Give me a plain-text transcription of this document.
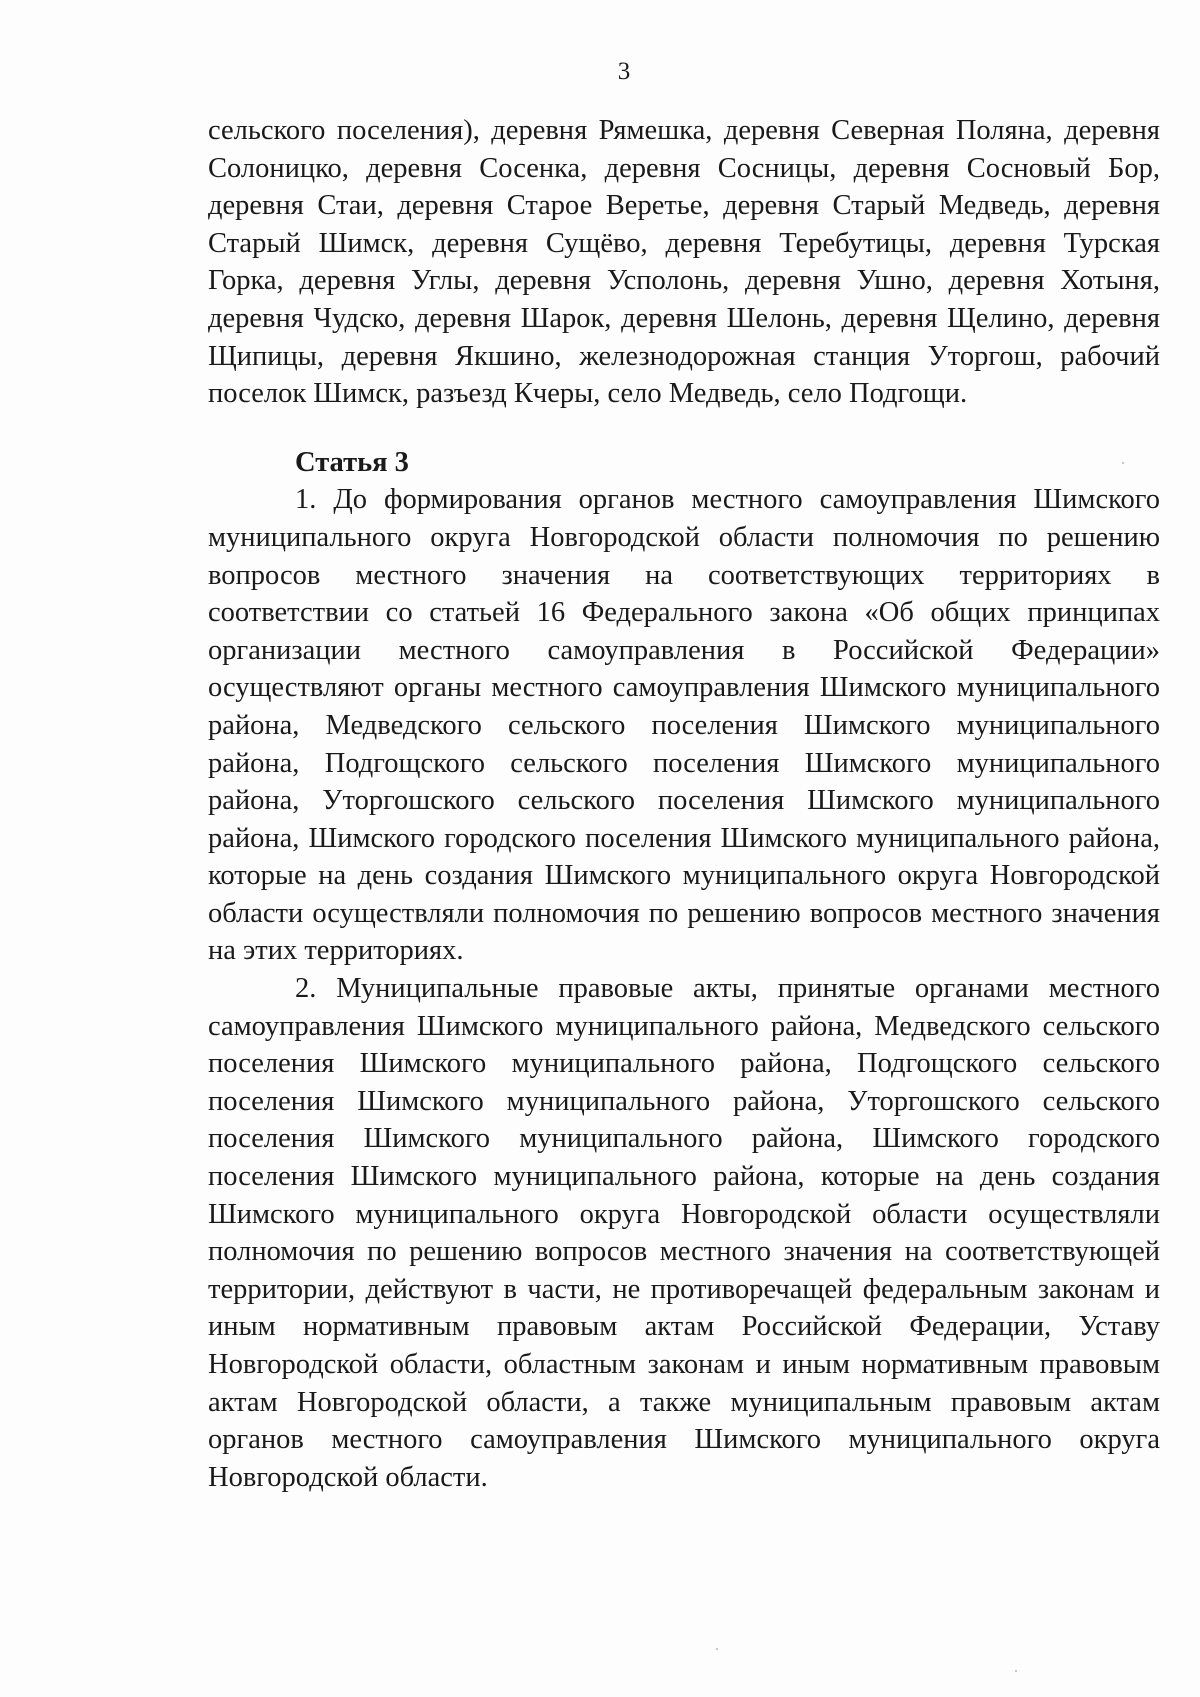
3

сельского поселения), деревня Рямешка, деревня Северная Поляна, деревня
Солоницко, деревня Сосенка, деревня Сосницы, деревня Сосновый Бор,
деревня Стаи, деревня Старое Веретье, деревня Старый Медведь, деревня
Старый Шимск, деревня Сущёво, деревня Теребутицы, деревня Турская
Горка, деревня Углы, деревня Усполонь, деревня Ушно, деревня Хотыня,
деревня Чудско, деревня Шарок, деревня Шелонь, деревня Щелино, деревня
Щипицы, деревня Якшино, железнодорожная станция Уторгош, рабочий
поселок Шимск, разъезд Кчеры, село Медведь, село Подгощи.

Статья 3

1. До формирования органов местного самоуправления Шимского
муниципального округа Новгородской области полномочия по решению
вопросов местного значения на соответствующих территориях в
соответствии со статьей 16 Федерального закона «Об общих принципах
организации местного самоуправления в Российской Федерации»
осуществляют органы местного самоуправления Шимского муниципального
района, Медведского сельского поселения Шимского муниципального
района, Подгощского сельского поселения Шимского муниципального
района, Уторгошского сельского поселения Шимского муниципального
района, Шимского городского поселения Шимского муниципального района,
которые на день создания Шимского муниципального округа Новгородской
области осуществляли полномочия по решению вопросов местного значения
на этих территориях.

2. Муниципальные правовые акты, принятые органами местного
самоуправления Шимского муниципального района, Медведского сельского
поселения Шимского муниципального района, Подгощского сельского
поселения Шимского муниципального района, Уторгошского сельского
поселения Шимского муниципального района, Шимского городского
поселения Шимского муниципального района, которые на день создания
Шимского муниципального округа Новгородской области осуществляли
полномочия по решению вопросов местного значения на соответствующей
территории, действуют в части, не противоречащей федеральным законам и
иным нормативным правовым актам Российской Федерации, Уставу
Новгородской области, областным законам и иным нормативным правовым
актам Новгородской области, а также муниципальным правовым актам
органов местного самоуправления Шимского муниципального округа
Новгородской области.
